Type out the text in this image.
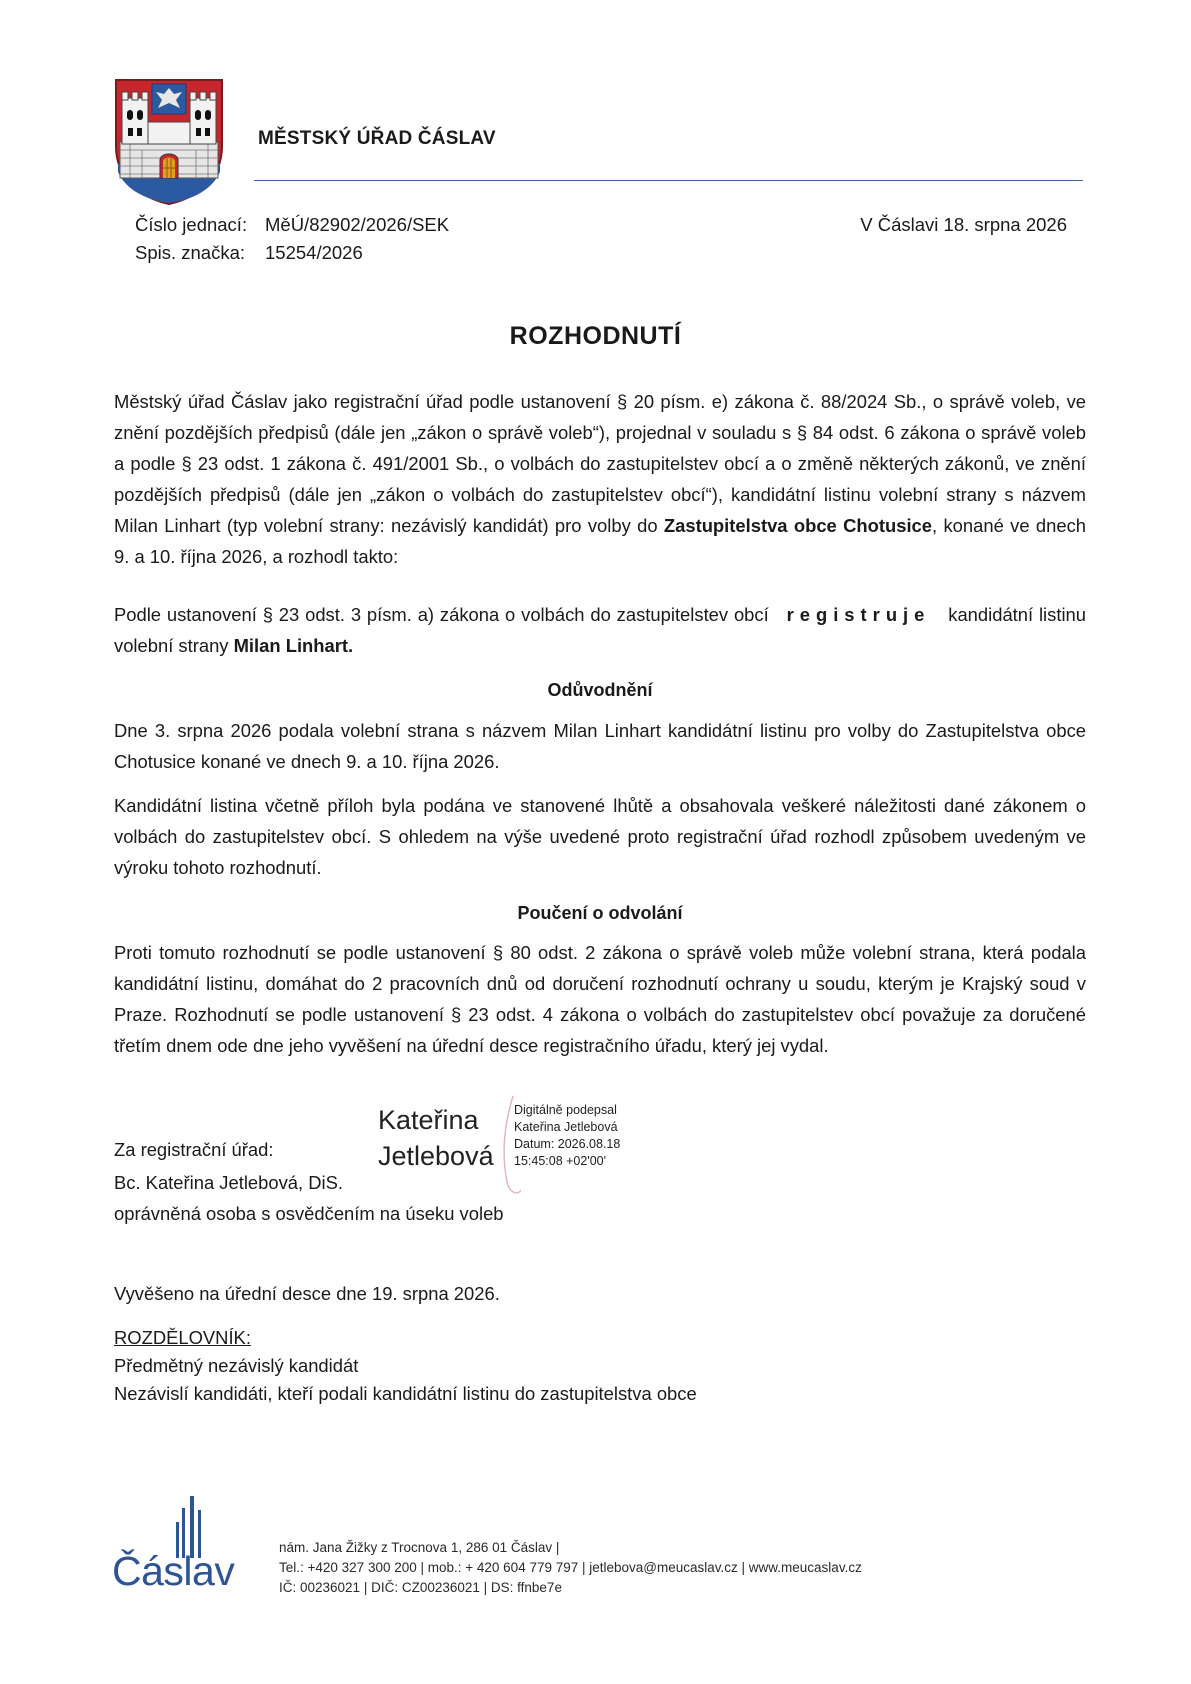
MĚSTSKÝ ÚŘAD ČÁSLAV
Číslo jednací: MěÚ/82902/2026/SEK
Spis. značka: 15254/2026
V Čáslavi 18. srpna 2026
ROZHODNUTÍ
Městský úřad Čáslav jako registrační úřad podle ustanovení § 20 písm. e) zákona č. 88/2024 Sb., o správě voleb, ve znění pozdějších předpisů (dále jen „zákon o správě voleb“), projednal v souladu s § 84 odst. 6 zákona o správě voleb a podle § 23 odst. 1 zákona č. 491/2001 Sb., o volbách do zastupitelstev obcí a o změně některých zákonů, ve znění pozdějších předpisů (dále jen „zákon o volbách do zastupitelstev obcí“), kandidátní listinu volební strany s názvem Milan Linhart (typ volební strany: nezávislý kandidát) pro volby do Zastupitelstva obce Chotusice, konané ve dnech 9. a 10. října 2026, a rozhodl takto:
Podle ustanovení § 23 odst. 3 písm. a) zákona o volbách do zastupitelstev obcí registruje kandidátní listinu volební strany Milan Linhart.
Odůvodnění
Dne 3. srpna 2026 podala volební strana s názvem Milan Linhart kandidátní listinu pro volby do Zastupitelstva obce Chotusice konané ve dnech 9. a 10. října 2026.
Kandidátní listina včetně příloh byla podána ve stanovené lhůtě a obsahovala veškeré náležitosti dané zákonem o volbách do zastupitelstev obcí. S ohledem na výše uvedené proto registrační úřad rozhodl způsobem uvedeným ve výroku tohoto rozhodnutí.
Poučení o odvolání
Proti tomuto rozhodnutí se podle ustanovení § 80 odst. 2 zákona o správě voleb může volební strana, která podala kandidátní listinu, domáhat do 2 pracovních dnů od doručení rozhodnutí ochrany u soudu, kterým je Krajský soud v Praze. Rozhodnutí se podle ustanovení § 23 odst. 4 zákona o volbách do zastupitelstev obcí považuje za doručené třetím dnem ode dne jeho vyvěšení na úřední desce registračního úřadu, který jej vydal.
Za registrační úřad:
Bc. Kateřina Jetlebová, DiS.
oprávněná osoba s osvědčením na úseku voleb
Kateřina
Jetlebová
Digitálně podepsal
Kateřina Jetlebová
Datum: 2026.08.18
15:45:08 +02'00'
Vyvěšeno na úřední desce dne 19. srpna 2026.
ROZDĚLOVNÍK:
Předmětný nezávislý kandidát
Nezávislí kandidáti, kteří podali kandidátní listinu do zastupitelstva obce
Čáslav
nám. Jana Žižky z Trocnova 1, 286 01 Čáslav |
Tel.: +420 327 300 200 | mob.: + 420 604 779 797 | jetlebova@meucaslav.cz | www.meucaslav.cz
IČ: 00236021 | DIČ: CZ00236021 | DS: ffnbe7e
